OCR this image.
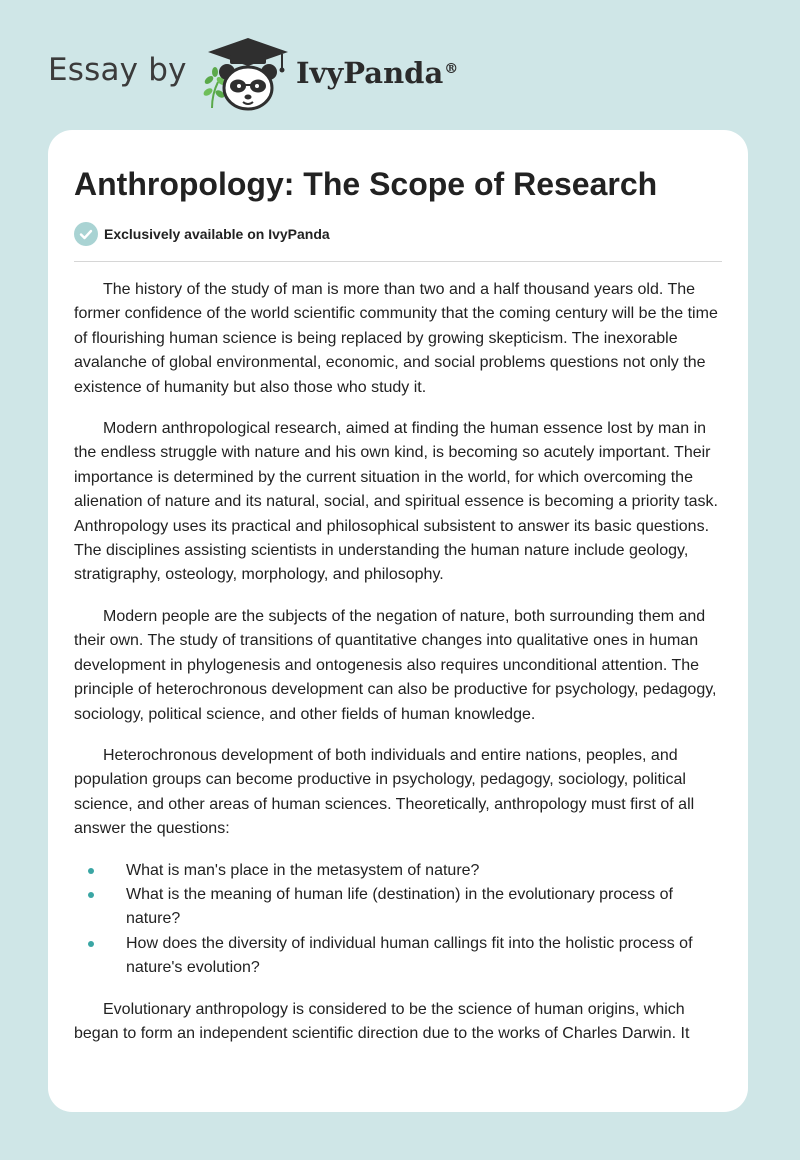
Essay by	IvyPanda®
Anthropology: The Scope of Research
Exclusively available on IvyPanda

The history of the study of man is more than two and a half thousand years old. The former confidence of the world scientific community that the coming century will be the time of flourishing human science is being replaced by growing skepticism. The inexorable avalanche of global environmental, economic, and social problems questions not only the existence of humanity but also those who study it.

Modern anthropological research, aimed at finding the human essence lost by man in the endless struggle with nature and his own kind, is becoming so acutely important. Their importance is determined by the current situation in the world, for which overcoming the alienation of nature and its natural, social, and spiritual essence is becoming a priority task. Anthropology uses its practical and philosophical subsistent to answer its basic questions. The disciplines assisting scientists in understanding the human nature include geology, stratigraphy, osteology, morphology, and philosophy.

Modern people are the subjects of the negation of nature, both surrounding them and their own. The study of transitions of quantitative changes into qualitative ones in human development in phylogenesis and ontogenesis also requires unconditional attention. The principle of heterochronous development can also be productive for psychology, pedagogy, sociology, political science, and other fields of human knowledge.

Heterochronous development of both individuals and entire nations, peoples, and population groups can become productive in psychology, pedagogy, sociology, political science, and other areas of human sciences. Theoretically, anthropology must first of all answer the questions:

What is man's place in the metasystem of nature?
What is the meaning of human life (destination) in the evolutionary process of nature?
How does the diversity of individual human callings fit into the holistic process of nature's evolution?

Evolutionary anthropology is considered to be the science of human origins, which began to form an independent scientific direction due to the works of Charles Darwin. It
